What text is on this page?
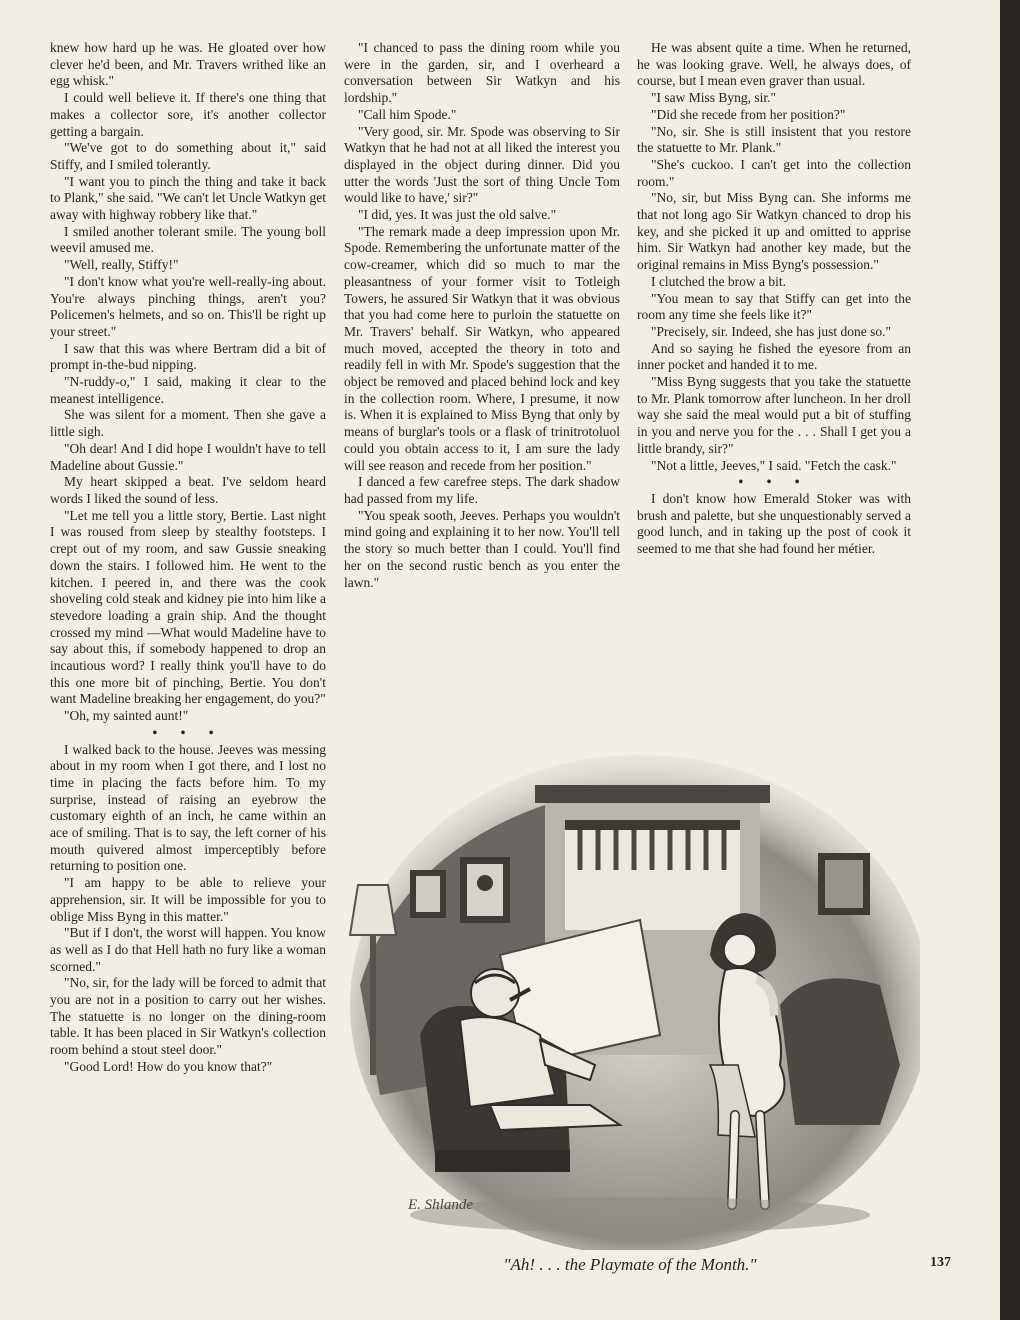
knew how hard up he was. He gloated over how clever he'd been, and Mr. Travers writhed like an egg whisk."

I could well believe it. If there's one thing that makes a collector sore, it's another collector getting a bargain.

"We've got to do something about it," said Stiffy, and I smiled tolerantly.

"I want you to pinch the thing and take it back to Plank," she said. "We can't let Uncle Watkyn get away with highway robbery like that."

I smiled another tolerant smile. The young boll weevil amused me.

"Well, really, Stiffy!"

"I don't know what you're well-really-ing about. You're always pinching things, aren't you? Policemen's helmets, and so on. This'll be right up your street."

I saw that this was where Bertram did a bit of prompt in-the-bud nipping.

"N-ruddy-o," I said, making it clear to the meanest intelligence.

She was silent for a moment. Then she gave a little sigh.

"Oh dear! And I did hope I wouldn't have to tell Madeline about Gussie."

My heart skipped a beat. I've seldom heard words I liked the sound of less.

"Let me tell you a little story, Bertie. Last night I was roused from sleep by stealthy footsteps. I crept out of my room, and saw Gussie sneaking down the stairs. I followed him. He went to the kitchen. I peered in, and there was the cook shoveling cold steak and kidney pie into him like a stevedore loading a grain ship. And the thought crossed my mind —What would Madeline have to say about this, if somebody happened to drop an incautious word? I really think you'll have to do this one more bit of pinching, Bertie. You don't want Madeline breaking her engagement, do you?"

"Oh, my sainted aunt!"

• • •

I walked back to the house. Jeeves was messing about in my room when I got there, and I lost no time in placing the facts before him. To my surprise, instead of raising an eyebrow the customary eighth of an inch, he came within an ace of smiling. That is to say, the left corner of his mouth quivered almost imperceptibly before returning to position one.

"I am happy to be able to relieve your apprehension, sir. It will be impossible for you to oblige Miss Byng in this matter."

"But if I don't, the worst will happen. You know as well as I do that Hell hath no fury like a woman scorned."

"No, sir, for the lady will be forced to admit that you are not in a position to carry out her wishes. The statuette is no longer on the dining-room table. It has been placed in Sir Watkyn's collection room behind a stout steel door."

"Good Lord! How do you know that?"

"I chanced to pass the dining room while you were in the garden, sir, and I overheard a conversation between Sir Watkyn and his lordship."

"Call him Spode."

"Very good, sir. Mr. Spode was observing to Sir Watkyn that he had not at all liked the interest you displayed in the object during dinner. Did you utter the words 'Just the sort of thing Uncle Tom would like to have,' sir?"

"I did, yes. It was just the old salve."

"The remark made a deep impression upon Mr. Spode. Remembering the unfortunate matter of the cow-creamer, which did so much to mar the pleasantness of your former visit to Totleigh Towers, he assured Sir Watkyn that it was obvious that you had come here to purloin the statuette on Mr. Travers' behalf. Sir Watkyn, who appeared much moved, accepted the theory in toto and readily fell in with Mr. Spode's suggestion that the object be removed and placed behind lock and key in the collection room. Where, I presume, it now is. When it is explained to Miss Byng that only by means of burglar's tools or a flask of trinitrotoluol could you obtain access to it, I am sure the lady will see reason and recede from her position."

I danced a few carefree steps. The dark shadow had passed from my life.

"You speak sooth, Jeeves. Perhaps you wouldn't mind going and explaining it to her now. You'll tell the story so much better than I could. You'll find her on the second rustic bench as you enter the lawn."

He was absent quite a time. When he returned, he was looking grave. Well, he always does, of course, but I mean even graver than usual.

"I saw Miss Byng, sir."

"Did she recede from her position?"

"No, sir. She is still insistent that you restore the statuette to Mr. Plank."

"She's cuckoo. I can't get into the collection room."

"No, sir, but Miss Byng can. She informs me that not long ago Sir Watkyn chanced to drop his key, and she picked it up and omitted to apprise him. Sir Watkyn had another key made, but the original remains in Miss Byng's possession."

I clutched the brow a bit.

"You mean to say that Stiffy can get into the room any time she feels like it?"

"Precisely, sir. Indeed, she has just done so."

And so saying he fished the eyesore from an inner pocket and handed it to me.

"Miss Byng suggests that you take the statuette to Mr. Plank tomorrow after luncheon. In her droll way she said the meal would put a bit of stuffing in you and nerve you for the . . . Shall I get you a little brandy, sir?"

"Not a little, Jeeves," I said. "Fetch the cask."

• • •

I don't know how Emerald Stoker was with brush and palette, but she unquestionably served a good lunch, and in taking up the post of cook it seemed to me that she had found her métier.

E. Shlande
"Ah! . . . the Playmate of the Month."	137
